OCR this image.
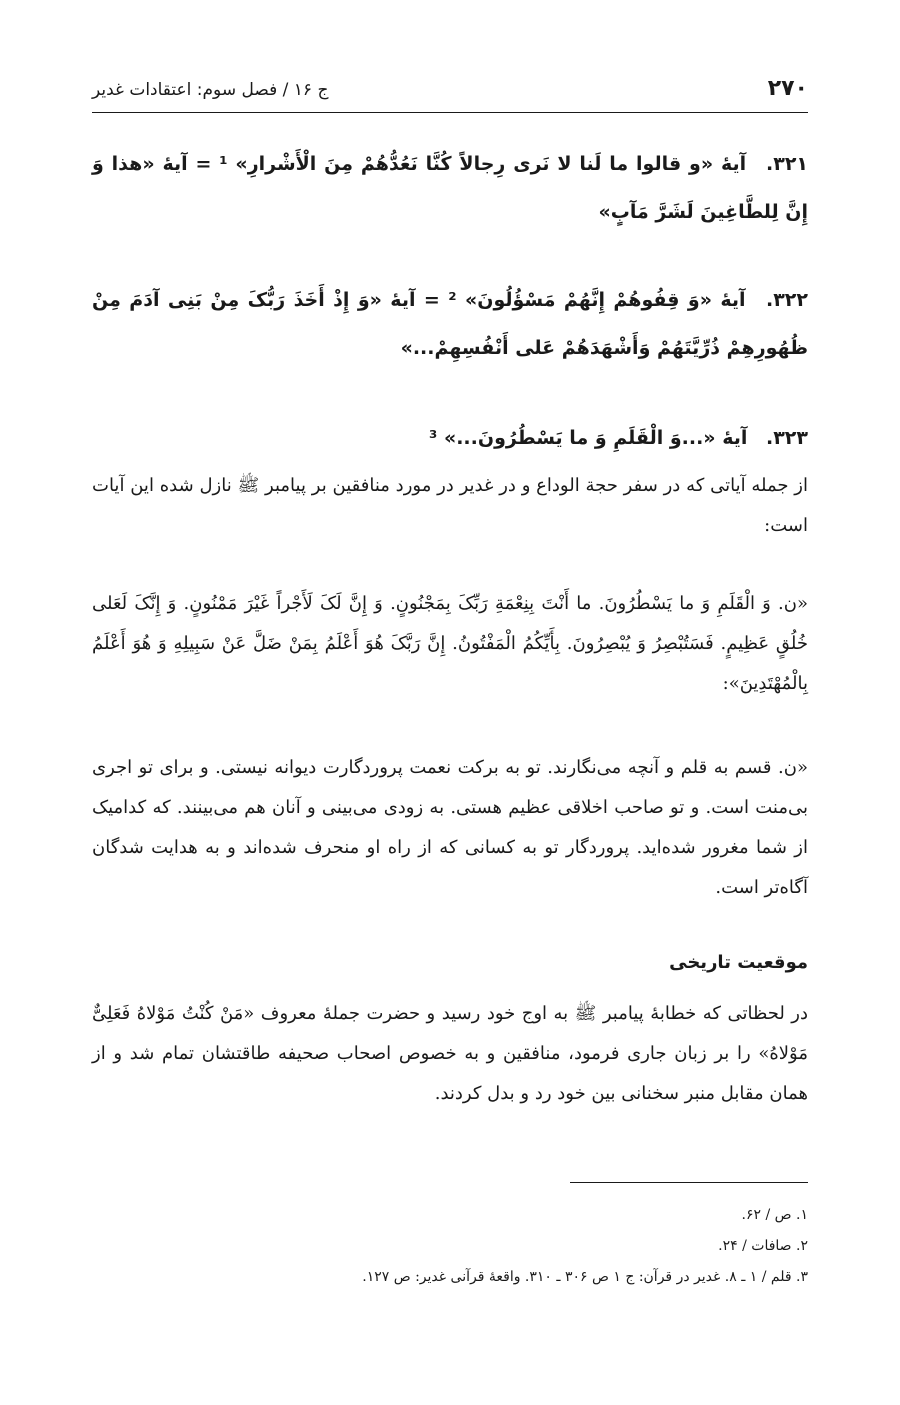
۲۷۰
ج ۱۶ / فصل سوم: اعتقادات غدیر
۳۲۱. آیۀ «و قالوا ما لَنا لا نَری رِجالاً کُنَّا نَعُدُّهُمْ مِنَ الْأَشْرارِ» ¹ = آیۀ «هذا وَ إِنَّ لِلطَّاغِینَ لَشَرَّ مَآبٍ»
۳۲۲. آیۀ «وَ قِفُوهُمْ إِنَّهُمْ مَسْؤُلُونَ» ² = آیۀ «وَ إِذْ أَخَذَ رَبُّکَ مِنْ بَنِی آدَمَ مِنْ ظُهُورِهِمْ ذُرِّیَّتَهُمْ وَأَشْهَدَهُمْ عَلی أَنْفُسِهِمْ...»
۳۲۳. آیۀ «...وَ الْقَلَمِ وَ ما یَسْطُرُونَ...» ³
از جمله آیاتی که در سفر حجة الوداع و در غدیر در مورد منافقین بر پیامبر ﷺ نازل شده این آیات است:
«ن. وَ الْقَلَمِ وَ ما یَسْطُرُونَ. ما أَنْتَ بِنِعْمَةِ رَبِّکَ بِمَجْنُونٍ. وَ إِنَّ لَکَ لَأَجْراً غَیْرَ مَمْنُونٍ. وَ إِنَّکَ لَعَلی خُلُقٍ عَظِیمٍ. فَسَتُبْصِرُ وَ یُبْصِرُونَ. بِأَیِّکُمُ الْمَفْتُونُ. إِنَّ رَبَّکَ هُوَ أَعْلَمُ بِمَنْ ضَلَّ عَنْ سَبِیلِهِ وَ هُوَ أَعْلَمُ بِالْمُهْتَدِینَ»:
«ن. قسم به قلم و آنچه می‌نگارند. تو به برکت نعمت پروردگارت دیوانه نیستی. و برای تو اجری بی‌منت است. و تو صاحب اخلاقی عظیم هستی. به زودی می‌بینی و آنان هم می‌بینند. که کدامیک از شما مغرور شده‌اید. پروردگار تو به کسانی که از راه او منحرف شده‌اند و به هدایت شدگان آگاه‌تر است.
موقعیت تاریخی
در لحظاتی که خطابۀ پیامبر ﷺ به اوج خود رسید و حضرت جملۀ معروف «مَنْ کُنْتُ مَوْلاهُ فَعَلِیٌّ مَوْلاهُ» را بر زبان جاری فرمود، منافقین و به خصوص اصحاب صحیفه طاقتشان تمام شد و از همان مقابل منبر سخنانی بین خود رد و بدل کردند.
۱. ص / ۶۲.
۲. صافات / ۲۴.
۳. قلم / ۱ ـ ۸. غدیر در قرآن: ج ۱ ص ۳۰۶ ـ ۳۱۰. واقعۀ قرآنی غدیر: ص ۱۲۷.
